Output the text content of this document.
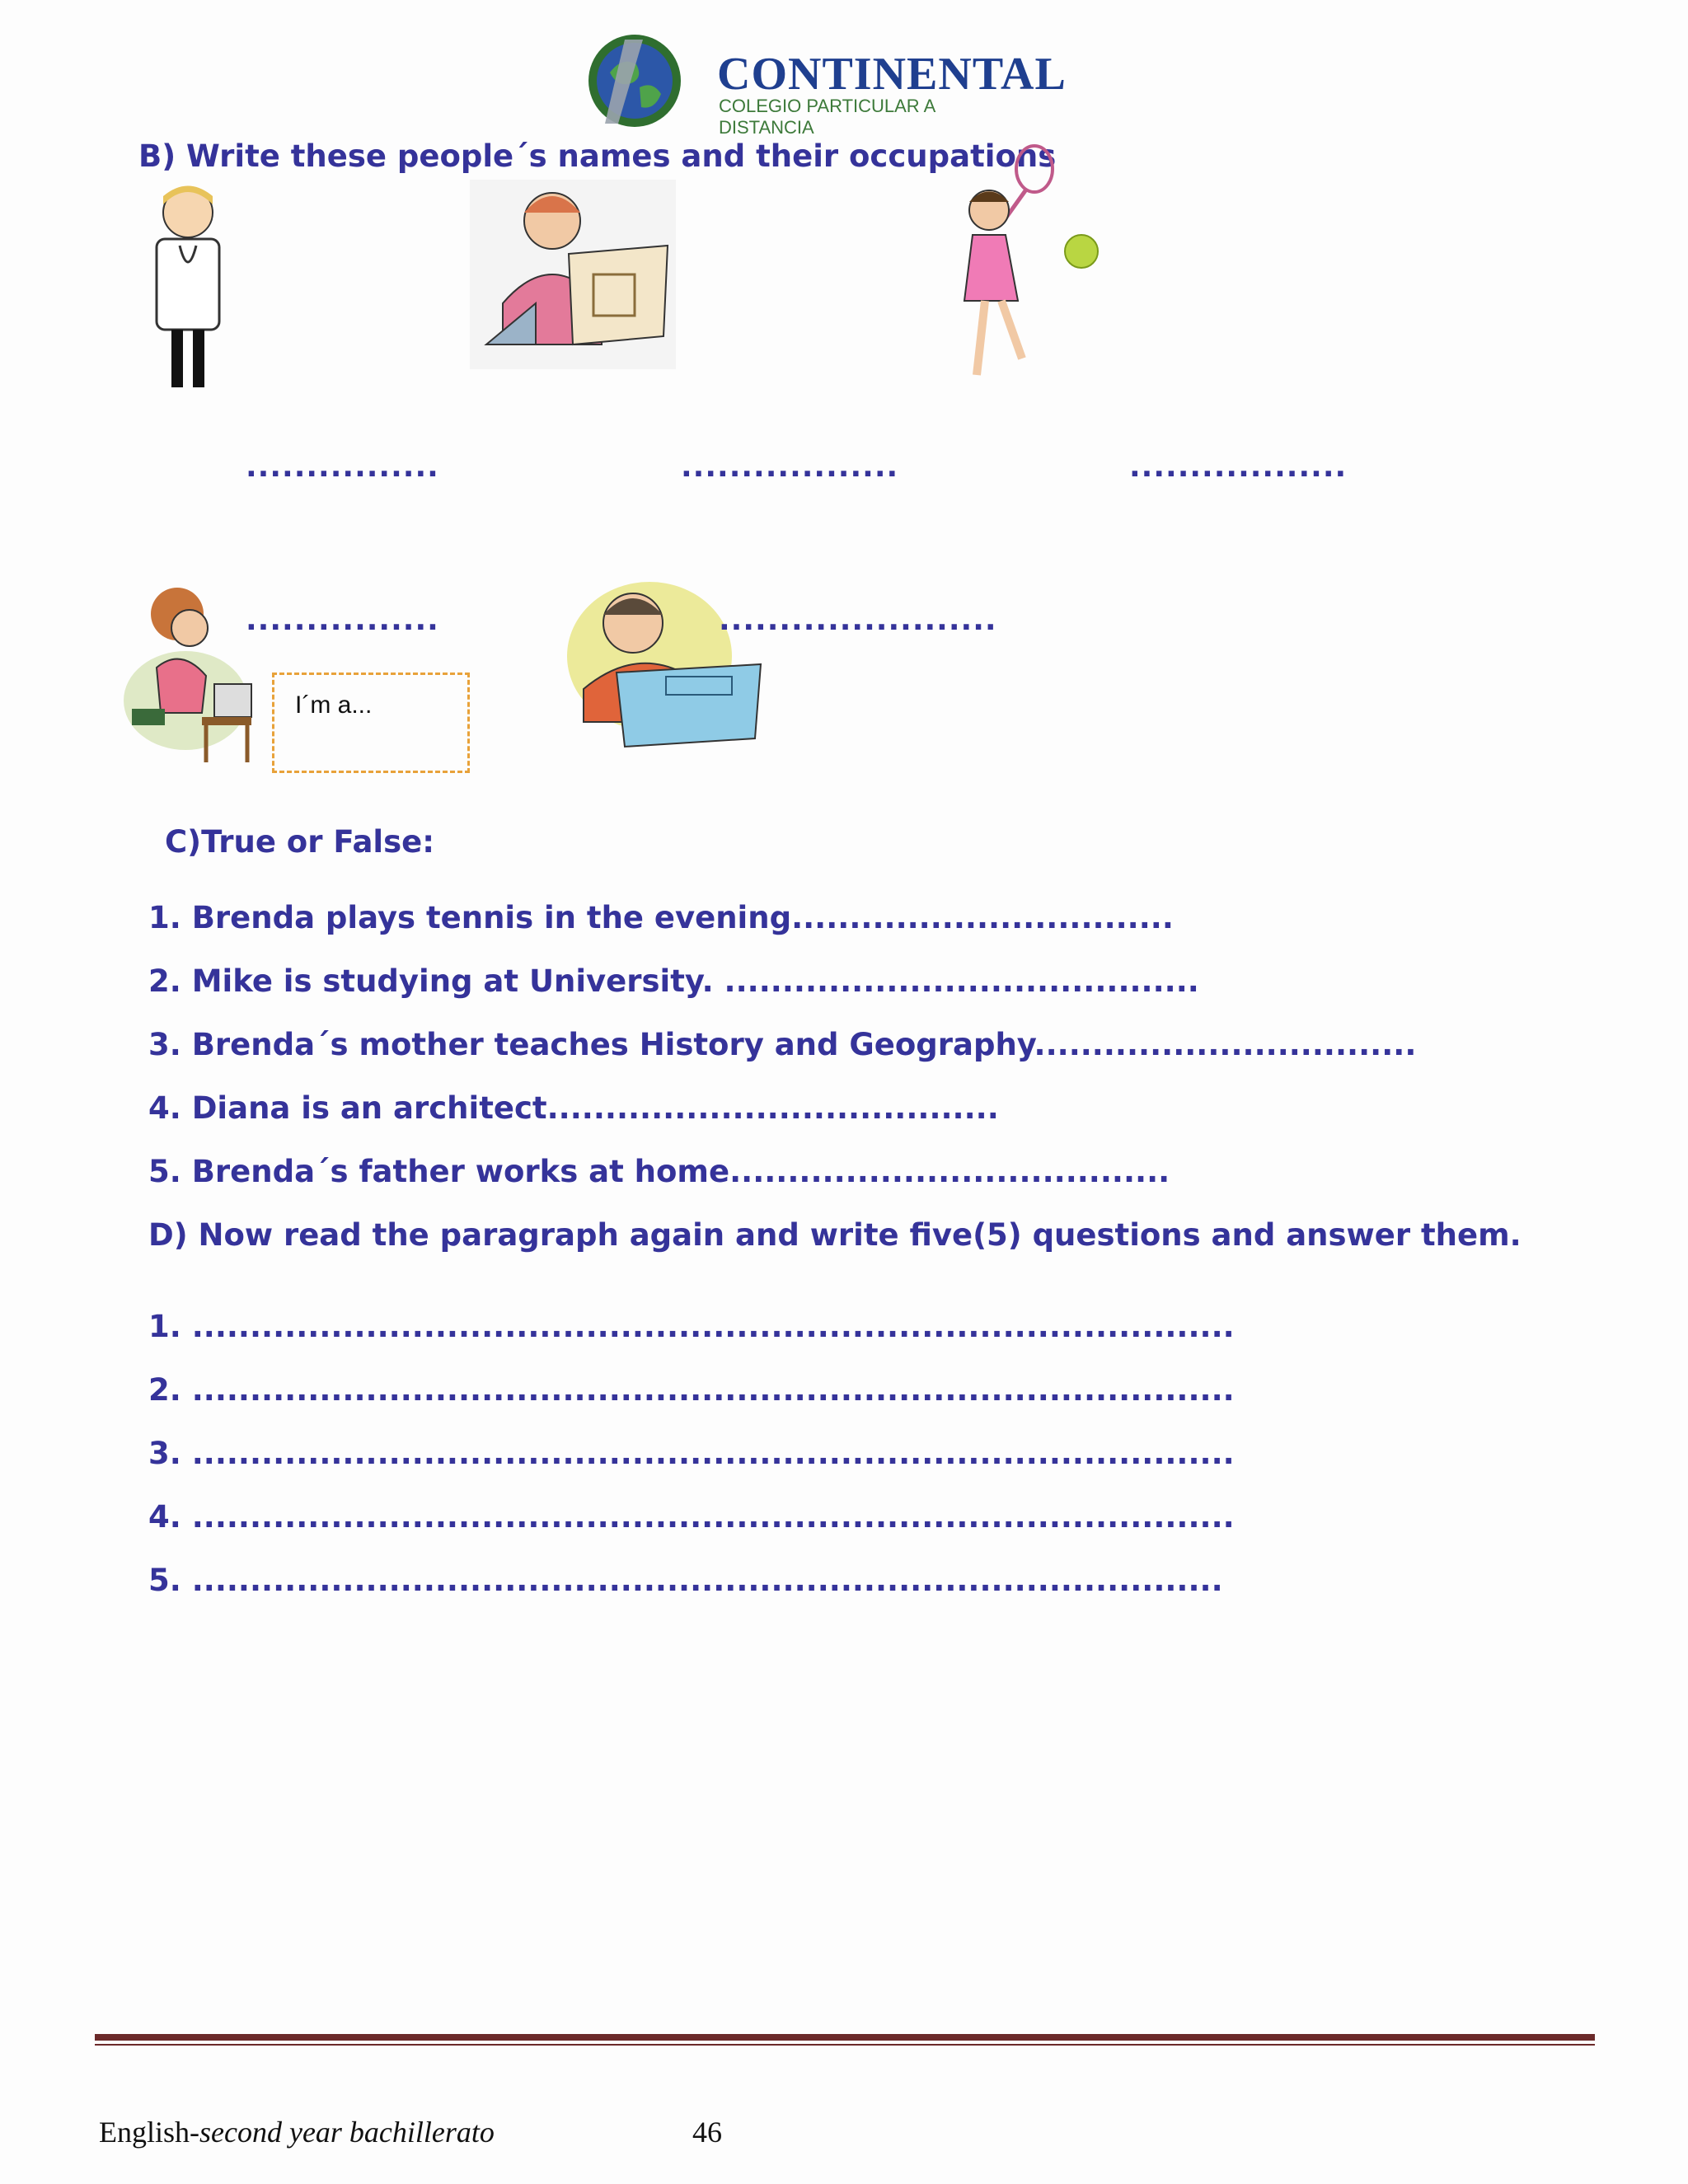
CONTINENTAL
COLEGIO PARTICULAR A DISTANCIA
B) Write these people´s names and their occupations
................	..................	..................
................
I´m a...
.......................
C)True or False:
1. Brenda plays tennis in the evening.................................
2. Mike is studying at University. .........................................
3. Brenda´s mother teaches History and Geography.................................
4. Diana is an architect.......................................
5. Brenda´s father works at home......................................
D) Now read the paragraph again and write five(5) questions and answer them.
1. ..........................................................................................
2. ..........................................................................................
3. ..........................................................................................
4. ..........................................................................................
5. .........................................................................................
English-second year bachillerato	46
